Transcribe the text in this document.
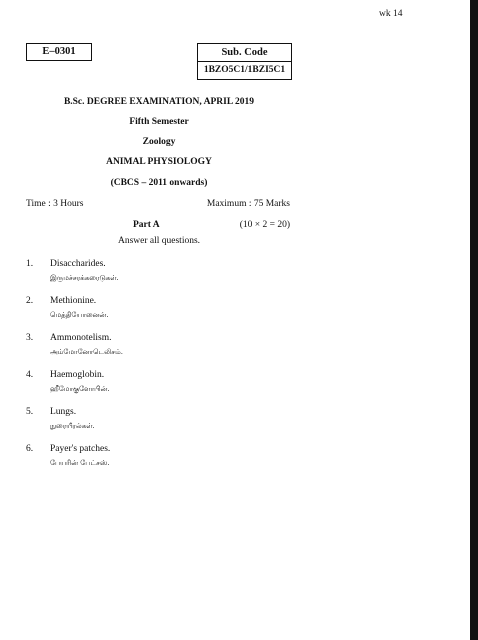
wk 14
E–0301	Sub. Code
1BZO5C1/1BZI5C1
B.Sc. DEGREE EXAMINATION, APRIL 2019
Fifth Semester
Zoology
ANIMAL PHYSIOLOGY
(CBCS – 2011 onwards)
Time : 3 Hours	Maximum : 75 Marks
Part A	(10 × 2 = 20)
Answer all questions.
1. Disaccharides.
இருமச்சரக்கரைடுகள்.
2. Methionine.
மெத்தியோனைன்.
3. Ammonotelism.
அம்மோனோடெலிசம்.
4. Haemoglobin.
ஹீமோகுளோபின்.
5. Lungs.
நுரையீரல்கள்.
6. Payer's patches.
பேயரின் பேட்சஸ்.
